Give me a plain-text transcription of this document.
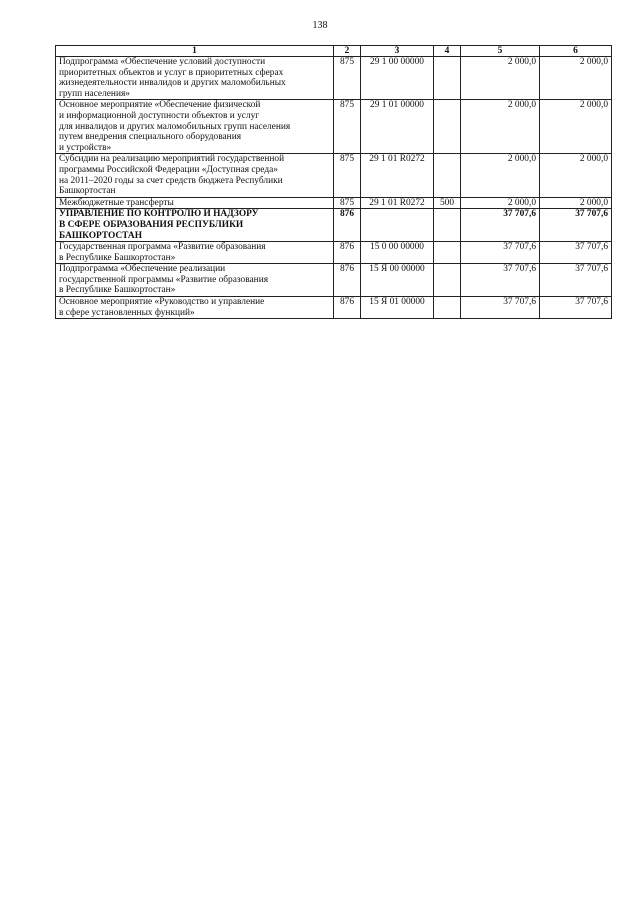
138
1	2	3	4	5	6

Подпрограмма «Обеспечение условий доступности
приоритетных объектов и услуг в приоритетных сферах
жизнедеятельности инвалидов и других маломобильных
групп населения»	875	29 1 00 00000		2 000,0	2 000,0

Основное мероприятие «Обеспечение физической
и информационной доступности объектов и услуг
для инвалидов и других маломобильных групп населения
путем внедрения специального оборудования
и устройств»	875	29 1 01 00000		2 000,0	2 000,0

Субсидии на реализацию мероприятий государственной
программы Российской Федерации «Доступная среда»
на 2011–2020 годы за счет средств бюджета Республики
Башкортостан	875	29 1 01 R0272		2 000,0	2 000,0

Межбюджетные трансферты	875	29 1 01 R0272	500	2 000,0	2 000,0

УПРАВЛЕНИЕ ПО КОНТРОЛЮ И НАДЗОРУ
В СФЕРЕ ОБРАЗОВАНИЯ РЕСПУБЛИКИ
БАШКОРТОСТАН	876			37 707,6	37 707,6

Государственная программа «Развитие образования
в Республике Башкортостан»	876	15 0 00 00000		37 707,6	37 707,6

Подпрограмма «Обеспечение реализации
государственной программы «Развитие образования
в Республике Башкортостан»	876	15 Я 00 00000		37 707,6	37 707,6

Основное мероприятие «Руководство и управление
в сфере установленных функций»	876	15 Я 01 00000		37 707,6	37 707,6
